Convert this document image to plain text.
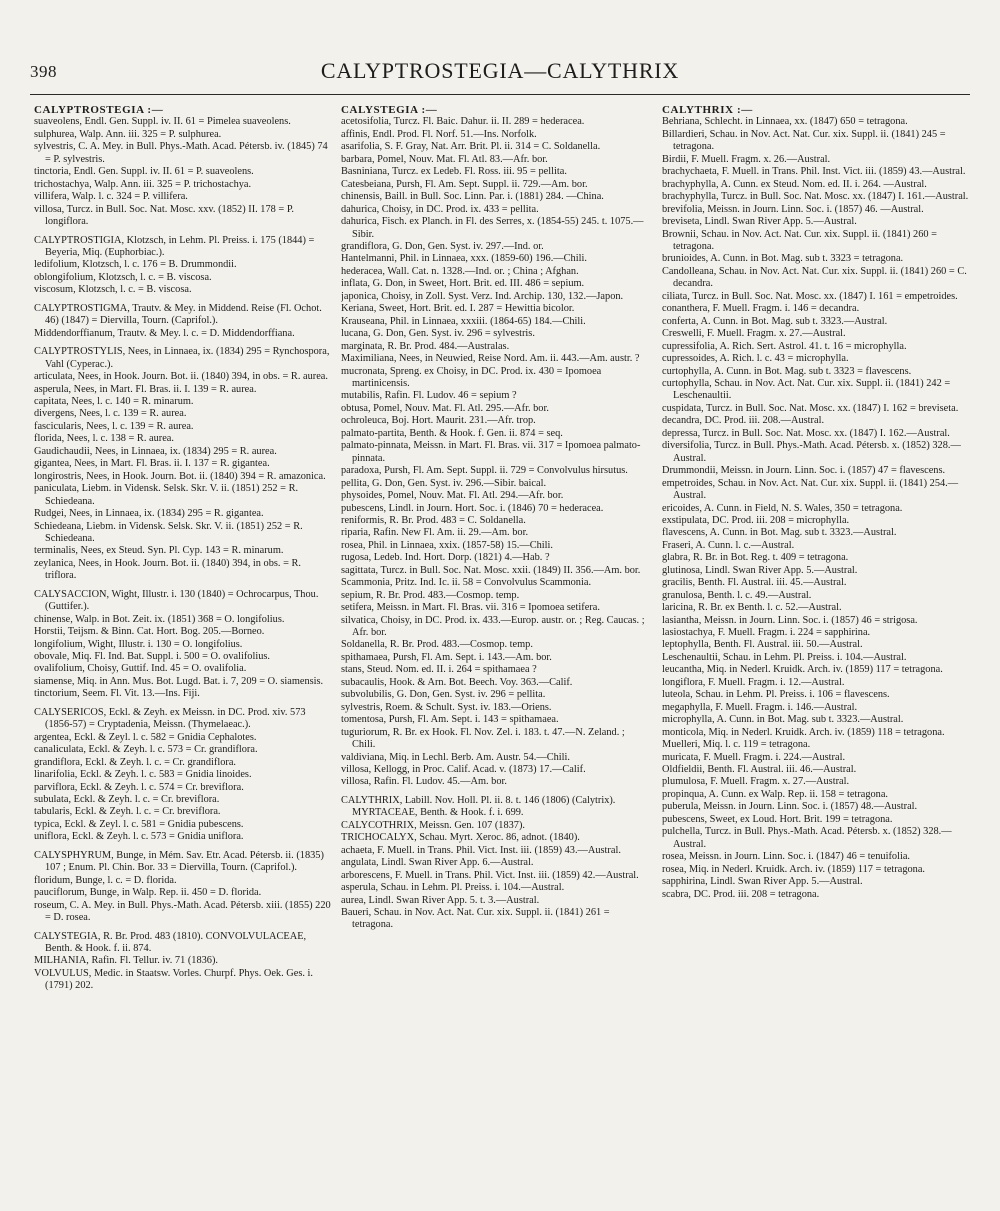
398	CALYPTROSTEGIA—CALYTHRIX
CALYPTROSTEGIA :—

suaveolens, Endl. Gen. Suppl. iv. II. 61 = Pimelea suaveolens.

sulphurea, Walp. Ann. iii. 325 = P. sulphurea.

sylvestris, C. A. Mey. in Bull. Phys.-Math. Acad. Pétersb. iv. (1845) 74 = P. sylvestris.

tinctoria, Endl. Gen. Suppl. iv. II. 61 = P. suaveolens.

trichostachya, Walp. Ann. iii. 325 = P. trichostachya.

villifera, Walp. l. c. 324 = P. villifera.

villosa, Turcz. in Bull. Soc. Nat. Mosc. xxv. (1852) II. 178 = P. longiflora.

CALYPTROSTIGIA, Klotzsch, in Lehm. Pl. Preiss. i. 175 (1844) = Beyeria, Miq. (Euphorbiac.).

ledifolium, Klotzsch, l. c. 176 = B. Drummondii.

oblongifolium, Klotzsch, l. c. = B. viscosa.

viscosum, Klotzsch, l. c. = B. viscosa.

CALYPTROSTIGMA, Trautv. & Mey. in Middend. Reise (Fl. Ochot. 46) (1847) = Diervilla, Tourn. (Caprifol.).

Middendorffianum, Trautv. & Mey. l. c. = D. Middendorffiana.

CALYPTROSTYLIS, Nees, in Linnaea, ix. (1834) 295 = Rynchospora, Vahl (Cyperac.).

articulata, Nees, in Hook. Journ. Bot. ii. (1840) 394, in obs. = R. aurea.

asperula, Nees, in Mart. Fl. Bras. ii. I. 139 = R. aurea.

capitata, Nees, l. c. 140 = R. minarum.

divergens, Nees, l. c. 139 = R. aurea.

fascicularis, Nees, l. c. 139 = R. aurea.

florida, Nees, l. c. 138 = R. aurea.

Gaudichaudii, Nees, in Linnaea, ix. (1834) 295 = R. aurea.

gigantea, Nees, in Mart. Fl. Bras. ii. I. 137 = R. gigantea.

longirostris, Nees, in Hook. Journ. Bot. ii. (1840) 394 = R. amazonica.

paniculata, Liebm. in Vidensk. Selsk. Skr. V. ii. (1851) 252 = R. Schiedeana.

Rudgei, Nees, in Linnaea, ix. (1834) 295 = R. gigantea.

Schiedeana, Liebm. in Vidensk. Selsk. Skr. V. ii. (1851) 252 = R. Schiedeana.

terminalis, Nees, ex Steud. Syn. Pl. Cyp. 143 = R. minarum.

zeylanica, Nees, in Hook. Journ. Bot. ii. (1840) 394, in obs. = R. triflora.

CALYSACCION, Wight, Illustr. i. 130 (1840) = Ochrocarpus, Thou. (Guttifer.).

chinense, Walp. in Bot. Zeit. ix. (1851) 368 = O. longifolius.

Horstii, Teijsm. & Binn. Cat. Hort. Bog. 205.—Borneo.

longifolium, Wight, Illustr. i. 130 = O. longifolius.

obovale, Miq. Fl. Ind. Bat. Suppl. i. 500 = O. ovalifolius.

ovalifolium, Choisy, Guttif. Ind. 45 = O. ovalifolia.

siamense, Miq. in Ann. Mus. Bot. Lugd. Bat. i. 7, 209 = O. siamensis.

tinctorium, Seem. Fl. Vit. 13.—Ins. Fiji.

CALYSERICOS, Eckl. & Zeyh. ex Meissn. in DC. Prod. xiv. 573 (1856-57) = Cryptadenia, Meissn. (Thymelaeac.).

argentea, Eckl. & Zeyl. l. c. 582 = Gnidia Cephalotes.

canaliculata, Eckl. & Zeyh. l. c. 573 = Cr. grandiflora.

grandiflora, Eckl. & Zeyh. l. c. = Cr. grandiflora.

linarifolia, Eckl. & Zeyh. l. c. 583 = Gnidia linoides.

parviflora, Eckl. & Zeyh. l. c. 574 = Cr. breviflora.

subulata, Eckl. & Zeyh. l. c. = Cr. breviflora.

tabularis, Eckl. & Zeyh. l. c. = Cr. breviflora.

typica, Eckl. & Zeyl. l. c. 581 = Gnidia pubescens.

uniflora, Eckl. & Zeyh. l. c. 573 = Gnidia uniflora.

CALYSPHYRUM, Bunge, in Mém. Sav. Etr. Acad. Pétersb. ii. (1835) 107 ; Enum. Pl. Chin. Bor. 33 = Diervilla, Tourn. (Caprifol.).

floridum, Bunge, l. c. = D. florida.

pauciflorum, Bunge, in Walp. Rep. ii. 450 = D. florida.

roseum, C. A. Mey. in Bull. Phys.-Math. Acad. Pétersb. xiii. (1855) 220 = D. rosea.

CALYSTEGIA, R. Br. Prod. 483 (1810). CONVOLVULACEAE, Benth. & Hook. f. ii. 874.

MILHANIA, Rafin. Fl. Tellur. iv. 71 (1836).

VOLVULUS, Medic. in Staatsw. Vorles. Churpf. Phys. Oek. Ges. i. (1791) 202.

CALYSTEGIA :—

acetosifolia, Turcz. Fl. Baic. Dahur. ii. II. 289 = hederacea.

affinis, Endl. Prod. Fl. Norf. 51.—Ins. Norfolk.

asarifolia, S. F. Gray, Nat. Arr. Brit. Pl. ii. 314 = C. Soldanella.

barbara, Pomel, Nouv. Mat. Fl. Atl. 83.—Afr. bor.

Basniniana, Turcz. ex Ledeb. Fl. Ross. iii. 95 = pellita.

Catesbeiana, Pursh, Fl. Am. Sept. Suppl. ii. 729.—Am. bor.

chinensis, Baill. in Bull. Soc. Linn. Par. i. (1881) 284. —China.

dahurica, Choisy, in DC. Prod. ix. 433 = pellita.

dahurica, Fisch. ex Planch. in Fl. des Serres, x. (1854-55) 245. t. 1075.—Sibir.

grandiflora, G. Don, Gen. Syst. iv. 297.—Ind. or.

Hantelmanni, Phil. in Linnaea, xxx. (1859-60) 196.—Chili.

hederacea, Wall. Cat. n. 1328.—Ind. or. ; China ; Afghan.

inflata, G. Don, in Sweet, Hort. Brit. ed. III. 486 = sepium.

japonica, Choisy, in Zoll. Syst. Verz. Ind. Archip. 130, 132.—Japon.

Keriana, Sweet, Hort. Brit. ed. I. 287 = Hewittia bicolor.

Krauseana, Phil. in Linnaea, xxxiii. (1864-65) 184.—Chili.

lucana, G. Don, Gen. Syst. iv. 296 = sylvestris.

marginata, R. Br. Prod. 484.—Australas.

Maximiliana, Nees, in Neuwied, Reise Nord. Am. ii. 443.—Am. austr. ?

mucronata, Spreng. ex Choisy, in DC. Prod. ix. 430 = Ipomoea martinicensis.

mutabilis, Rafin. Fl. Ludov. 46 = sepium ?

obtusa, Pomel, Nouv. Mat. Fl. Atl. 295.—Afr. bor.

ochroleuca, Boj. Hort. Maurit. 231.—Afr. trop.

palmato-partita, Benth. & Hook. f. Gen. ii. 874 = seq.

palmato-pinnata, Meissn. in Mart. Fl. Bras. vii. 317 = Ipomoea palmato-pinnata.

paradoxa, Pursh, Fl. Am. Sept. Suppl. ii. 729 = Convolvulus hirsutus.

pellita, G. Don, Gen. Syst. iv. 296.—Sibir. baical.

physoides, Pomel, Nouv. Mat. Fl. Atl. 294.—Afr. bor.

pubescens, Lindl. in Journ. Hort. Soc. i. (1846) 70 = hederacea.

reniformis, R. Br. Prod. 483 = C. Soldanella.

riparia, Rafin. New Fl. Am. ii. 29.—Am. bor.

rosea, Phil. in Linnaea, xxix. (1857-58) 15.—Chili.

rugosa, Ledeb. Ind. Hort. Dorp. (1821) 4.—Hab. ?

sagittata, Turcz. in Bull. Soc. Nat. Mosc. xxii. (1849) II. 356.—Am. bor.

Scammonia, Pritz. Ind. Ic. ii. 58 = Convolvulus Scammonia.

sepium, R. Br. Prod. 483.—Cosmop. temp.

setifera, Meissn. in Mart. Fl. Bras. vii. 316 = Ipomoea setifera.

silvatica, Choisy, in DC. Prod. ix. 433.—Europ. austr. or. ; Reg. Caucas. ; Afr. bor.

Soldanella, R. Br. Prod. 483.—Cosmop. temp.

spithamaea, Pursh, Fl. Am. Sept. i. 143.—Am. bor.

stans, Steud. Nom. ed. II. i. 264 = spithamaea ?

subacaulis, Hook. & Arn. Bot. Beech. Voy. 363.—Calif.

subvolubilis, G. Don, Gen. Syst. iv. 296 = pellita.

sylvestris, Roem. & Schult. Syst. iv. 183.—Oriens.

tomentosa, Pursh, Fl. Am. Sept. i. 143 = spithamaea.

tuguriorum, R. Br. ex Hook. Fl. Nov. Zel. i. 183. t. 47.—N. Zeland. ; Chili.

valdiviana, Miq. in Lechl. Berb. Am. Austr. 54.—Chili.

villosa, Kellogg, in Proc. Calif. Acad. v. (1873) 17.—Calif.

villosa, Rafin. Fl. Ludov. 45.—Am. bor.

CALYTHRIX, Labill. Nov. Holl. Pl. ii. 8. t. 146 (1806) (Calytrix). MYRTACEAE, Benth. & Hook. f. i. 699.

CALYCOTHRIX, Meissn. Gen. 107 (1837).

TRICHOCALYX, Schau. Myrt. Xeroc. 86, adnot. (1840).

achaeta, F. Muell. in Trans. Phil. Vict. Inst. iii. (1859) 43.—Austral.

angulata, Lindl. Swan River App. 6.—Austral.

arborescens, F. Muell. in Trans. Phil. Vict. Inst. iii. (1859) 42.—Austral.

asperula, Schau. in Lehm. Pl. Preiss. i. 104.—Austral.

aurea, Lindl. Swan River App. 5. t. 3.—Austral.

Baueri, Schau. in Nov. Act. Nat. Cur. xix. Suppl. ii. (1841) 261 = tetragona.

CALYTHRIX :—

Behriana, Schlecht. in Linnaea, xx. (1847) 650 = tetragona.

Billardieri, Schau. in Nov. Act. Nat. Cur. xix. Suppl. ii. (1841) 245 = tetragona.

Birdii, F. Muell. Fragm. x. 26.—Austral.

brachychaeta, F. Muell. in Trans. Phil. Inst. Vict. iii. (1859) 43.—Austral.

brachyphylla, A. Cunn. ex Steud. Nom. ed. II. i. 264. —Austral.

brachyphylla, Turcz. in Bull. Soc. Nat. Mosc. xx. (1847) I. 161.—Austral.

brevifolia, Meissn. in Journ. Linn. Soc. i. (1857) 46. —Austral.

breviseta, Lindl. Swan River App. 5.—Austral.

Brownii, Schau. in Nov. Act. Nat. Cur. xix. Suppl. ii. (1841) 260 = tetragona.

brunioides, A. Cunn. in Bot. Mag. sub t. 3323 = tetragona.

Candolleana, Schau. in Nov. Act. Nat. Cur. xix. Suppl. ii. (1841) 260 = C. decandra.

ciliata, Turcz. in Bull. Soc. Nat. Mosc. xx. (1847) I. 161 = empetroides.

conanthera, F. Muell. Fragm. i. 146 = decandra.

conferta, A. Cunn. in Bot. Mag. sub t. 3323.—Austral.

Creswelli, F. Muell. Fragm. x. 27.—Austral.

cupressifolia, A. Rich. Sert. Astrol. 41. t. 16 = microphylla.

cupressoides, A. Rich. l. c. 43 = microphylla.

curtophylla, A. Cunn. in Bot. Mag. sub t. 3323 = flavescens.

curtophylla, Schau. in Nov. Act. Nat. Cur. xix. Suppl. ii. (1841) 242 = Leschenaultii.

cuspidata, Turcz. in Bull. Soc. Nat. Mosc. xx. (1847) I. 162 = breviseta.

decandra, DC. Prod. iii. 208.—Austral.

depressa, Turcz. in Bull. Soc. Nat. Mosc. xx. (1847) I. 162.—Austral.

diversifolia, Turcz. in Bull. Phys.-Math. Acad. Pétersb. x. (1852) 328.—Austral.

Drummondii, Meissn. in Journ. Linn. Soc. i. (1857) 47 = flavescens.

empetroides, Schau. in Nov. Act. Nat. Cur. xix. Suppl. ii. (1841) 254.—Austral.

ericoides, A. Cunn. in Field, N. S. Wales, 350 = tetragona.

exstipulata, DC. Prod. iii. 208 = microphylla.

flavescens, A. Cunn. in Bot. Mag. sub t. 3323.—Austral.

Fraseri, A. Cunn. l. c.—Austral.

glabra, R. Br. in Bot. Reg. t. 409 = tetragona.

glutinosa, Lindl. Swan River App. 5.—Austral.

gracilis, Benth. Fl. Austral. iii. 45.—Austral.

granulosa, Benth. l. c. 49.—Austral.

laricina, R. Br. ex Benth. l. c. 52.—Austral.

lasiantha, Meissn. in Journ. Linn. Soc. i. (1857) 46 = strigosa.

lasiostachya, F. Muell. Fragm. i. 224 = sapphirina.

leptophylla, Benth. Fl. Austral. iii. 50.—Austral.

Leschenaultii, Schau. in Lehm. Pl. Preiss. i. 104.—Austral.

leucantha, Miq. in Nederl. Kruidk. Arch. iv. (1859) 117 = tetragona.

longiflora, F. Muell. Fragm. i. 12.—Austral.

luteola, Schau. in Lehm. Pl. Preiss. i. 106 = flavescens.

megaphylla, F. Muell. Fragm. i. 146.—Austral.

microphylla, A. Cunn. in Bot. Mag. sub t. 3323.—Austral.

monticola, Miq. in Nederl. Kruidk. Arch. iv. (1859) 118 = tetragona.

Muelleri, Miq. l. c. 119 = tetragona.

muricata, F. Muell. Fragm. i. 224.—Austral.

Oldfieldii, Benth. Fl. Austral. iii. 46.—Austral.

plumulosa, F. Muell. Fragm. x. 27.—Austral.

propinqua, A. Cunn. ex Walp. Rep. ii. 158 = tetragona.

puberula, Meissn. in Journ. Linn. Soc. i. (1857) 48.—Austral.

pubescens, Sweet, ex Loud. Hort. Brit. 199 = tetragona.

pulchella, Turcz. in Bull. Phys.-Math. Acad. Pétersb. x. (1852) 328.—Austral.

rosea, Meissn. in Journ. Linn. Soc. i. (1847) 46 = tenuifolia.

rosea, Miq. in Nederl. Kruidk. Arch. iv. (1859) 117 = tetragona.

sapphirina, Lindl. Swan River App. 5.—Austral.

scabra, DC. Prod. iii. 208 = tetragona.
